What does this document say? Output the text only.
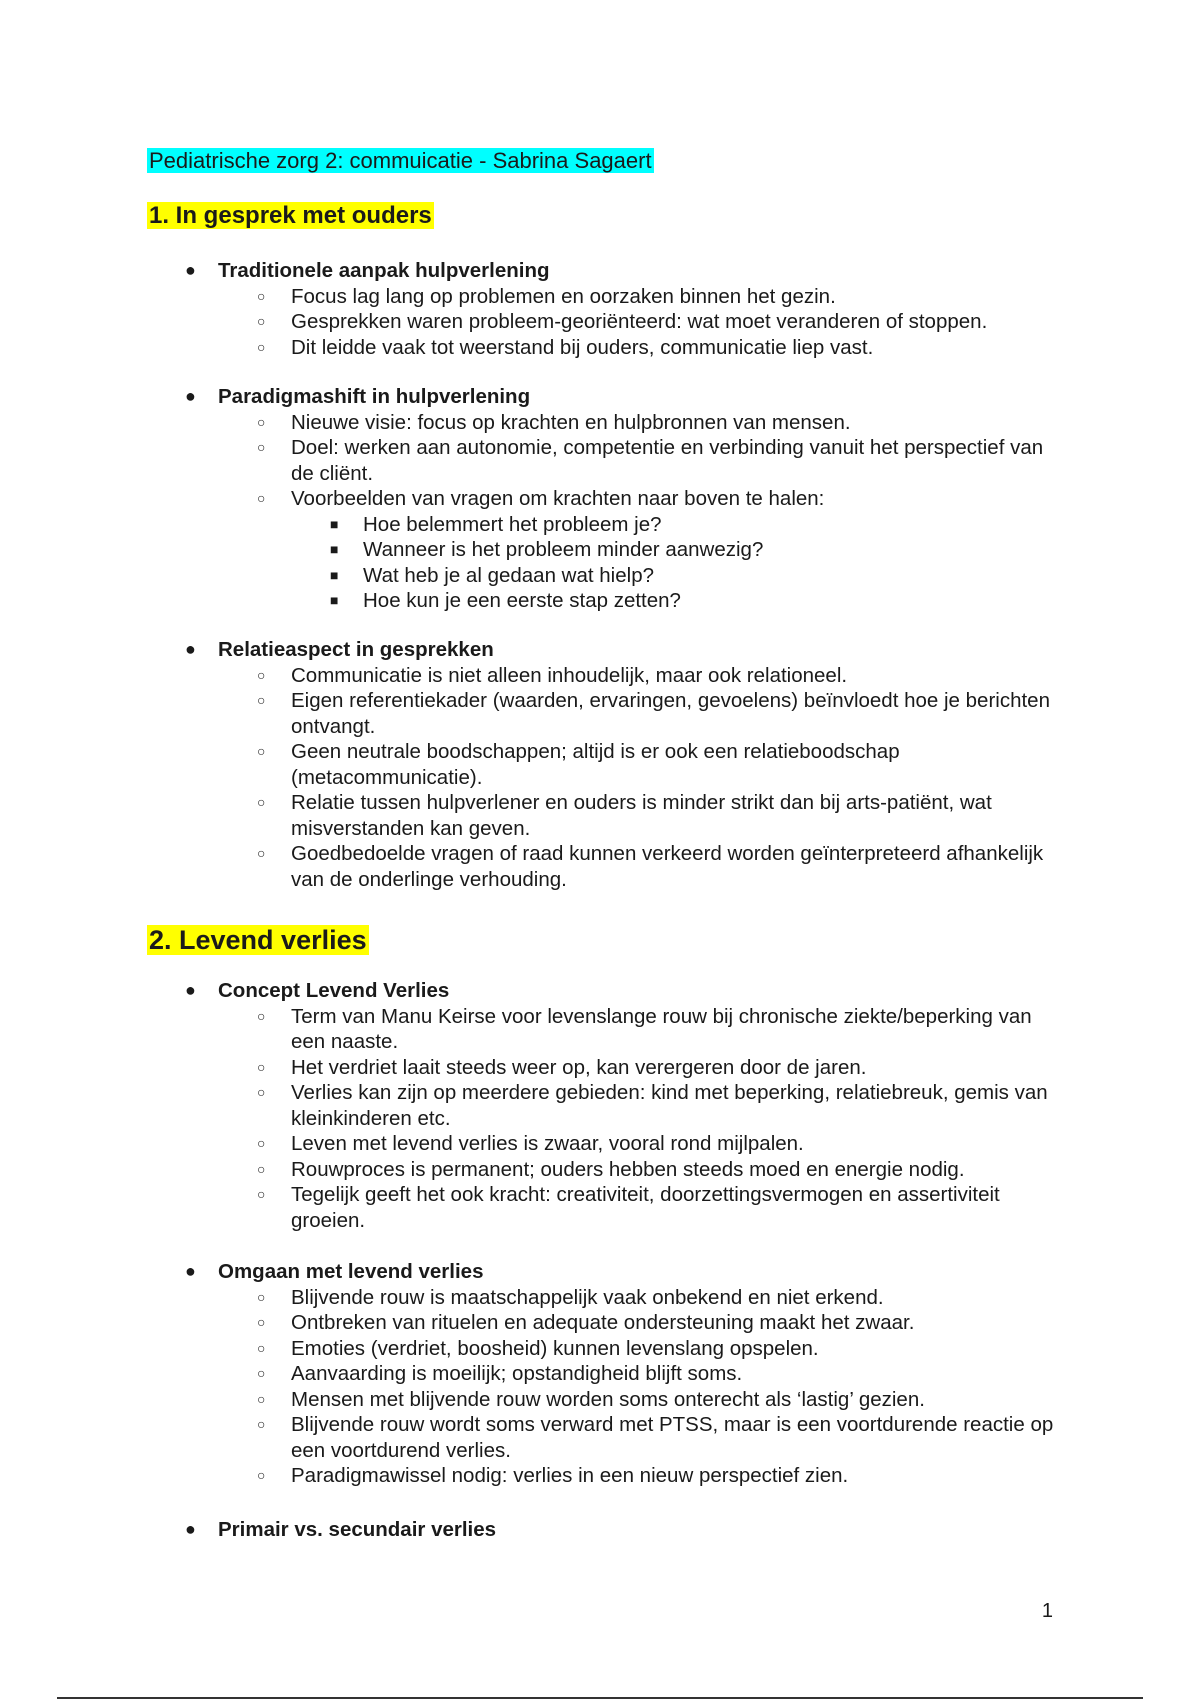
Pediatrische zorg 2: commuicatie - Sabrina Sagaert
1. In gesprek met ouders
● Traditionele aanpak hulpverlening
○ Focus lag lang op problemen en oorzaken binnen het gezin.
○ Gesprekken waren probleem-georiënteerd: wat moet veranderen of stoppen.
○ Dit leidde vaak tot weerstand bij ouders, communicatie liep vast.
● Paradigmashift in hulpverlening
○ Nieuwe visie: focus op krachten en hulpbronnen van mensen.
○ Doel: werken aan autonomie, competentie en verbinding vanuit het perspectief van de cliënt.
○ Voorbeelden van vragen om krachten naar boven te halen:
■ Hoe belemmert het probleem je?
■ Wanneer is het probleem minder aanwezig?
■ Wat heb je al gedaan wat hielp?
■ Hoe kun je een eerste stap zetten?
● Relatieaspect in gesprekken
○ Communicatie is niet alleen inhoudelijk, maar ook relationeel.
○ Eigen referentiekader (waarden, ervaringen, gevoelens) beïnvloedt hoe je berichten ontvangt.
○ Geen neutrale boodschappen; altijd is er ook een relatieboodschap (metacommunicatie).
○ Relatie tussen hulpverlener en ouders is minder strikt dan bij arts-patiënt, wat misverstanden kan geven.
○ Goedbedoelde vragen of raad kunnen verkeerd worden geïnterpreteerd afhankelijk van de onderlinge verhouding.
2. Levend verlies
● Concept Levend Verlies
○ Term van Manu Keirse voor levenslange rouw bij chronische ziekte/beperking van een naaste.
○ Het verdriet laait steeds weer op, kan verergeren door de jaren.
○ Verlies kan zijn op meerdere gebieden: kind met beperking, relatiebreuk, gemis van kleinkinderen etc.
○ Leven met levend verlies is zwaar, vooral rond mijlpalen.
○ Rouwproces is permanent; ouders hebben steeds moed en energie nodig.
○ Tegelijk geeft het ook kracht: creativiteit, doorzettingsvermogen en assertiviteit groeien.
● Omgaan met levend verlies
○ Blijvende rouw is maatschappelijk vaak onbekend en niet erkend.
○ Ontbreken van rituelen en adequate ondersteuning maakt het zwaar.
○ Emoties (verdriet, boosheid) kunnen levenslang opspelen.
○ Aanvaarding is moeilijk; opstandigheid blijft soms.
○ Mensen met blijvende rouw worden soms onterecht als ‘lastig’ gezien.
○ Blijvende rouw wordt soms verward met PTSS, maar is een voortdurende reactie op een voortdurend verlies.
○ Paradigmawissel nodig: verlies in een nieuw perspectief zien.
● Primair vs. secundair verlies
1
